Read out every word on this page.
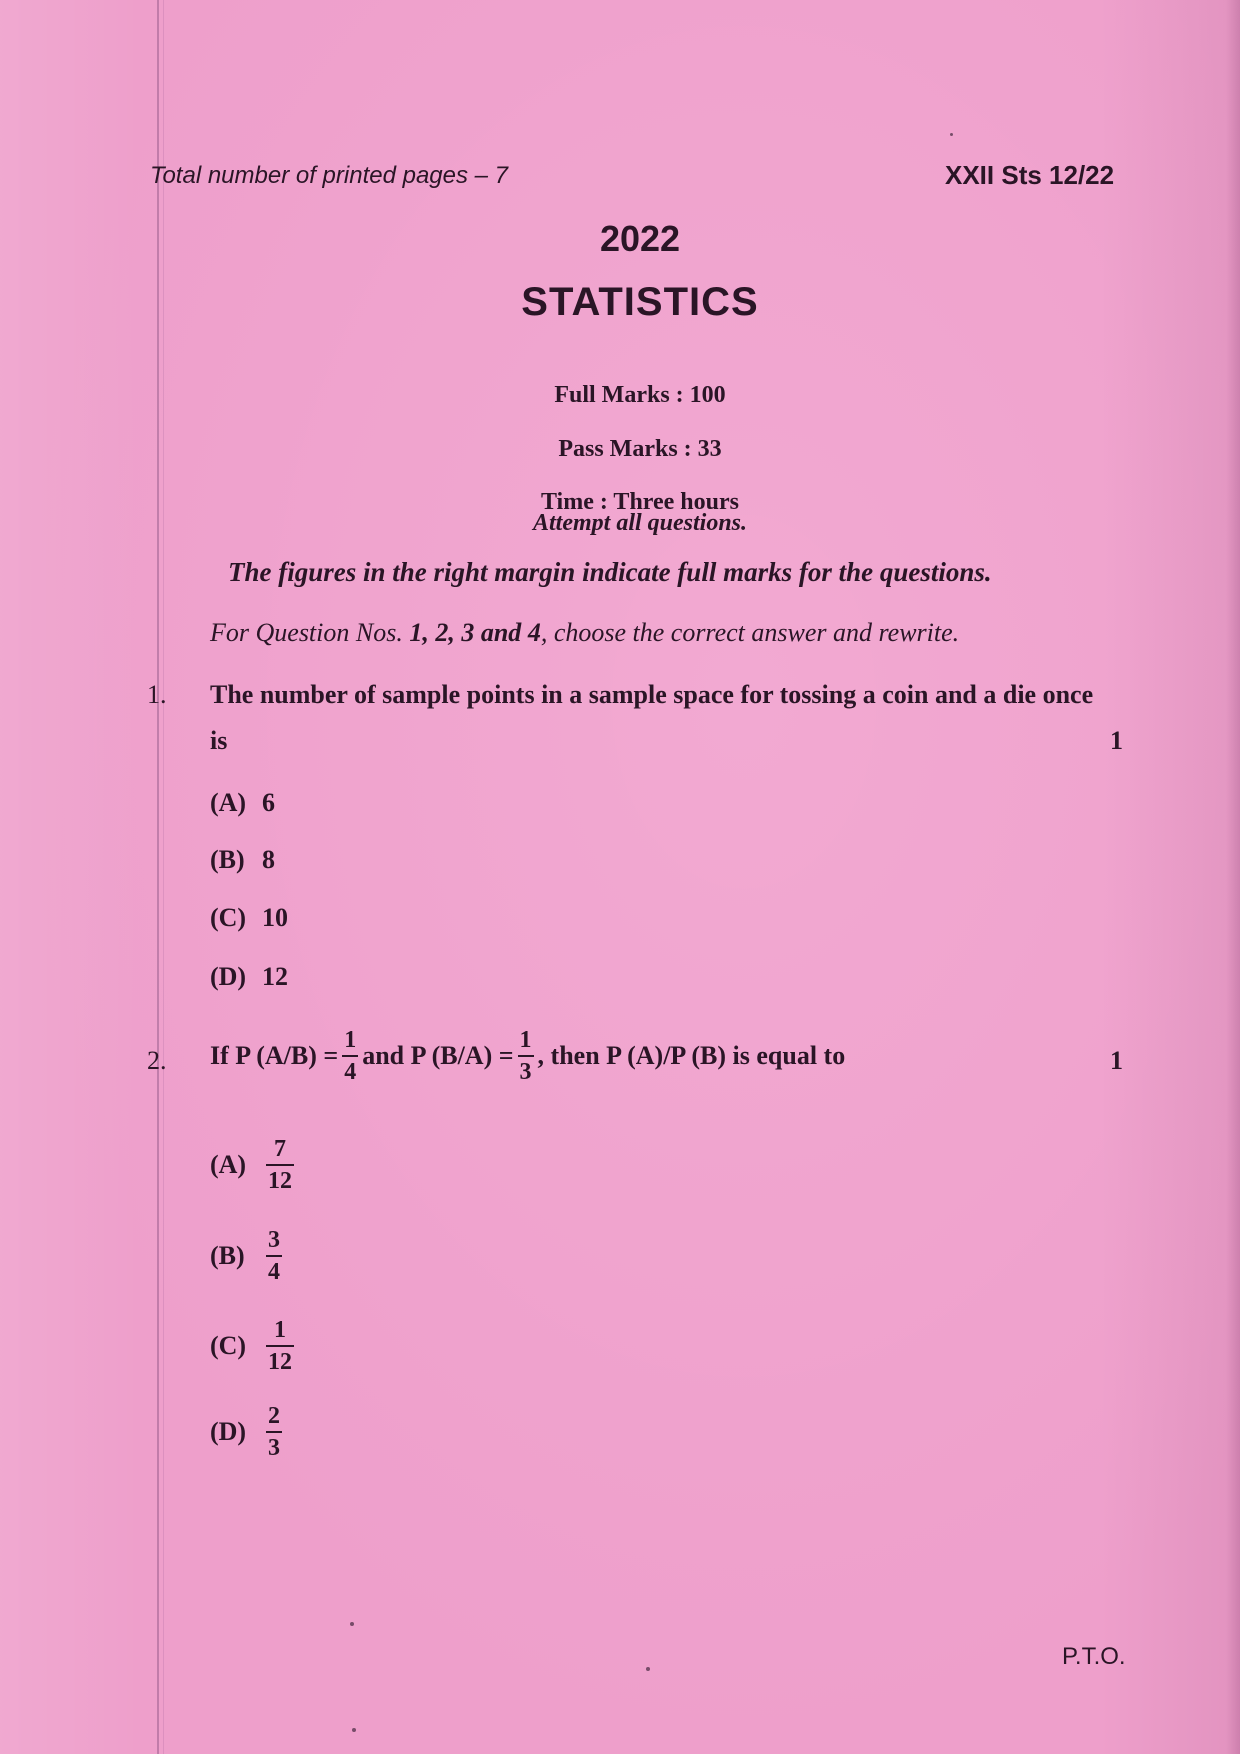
Total number of printed pages – 7	XXII Sts 12/22
2022
STATISTICS
Full Marks : 100
Pass Marks : 33
Time : Three hours
Attempt all questions.
The figures in the right margin indicate full marks for the questions.
For Question Nos. 1, 2, 3 and 4, choose the correct answer and rewrite.
1. The number of sample points in a sample space for tossing a coin and a die once
is	1
(A) 6
(B) 8
(C) 10
(D) 12
2. If P $(A/B) = \frac{1}{4}$ and P $(B/A) = \frac{1}{3}$ , then P (A)/P (B) is equal to	1
$(A) \frac{7}{12}$
$(B) \frac{3}{4}$
$(C) \frac{1}{12}$
$(D) \frac{2}{3}$
P.T.O.
